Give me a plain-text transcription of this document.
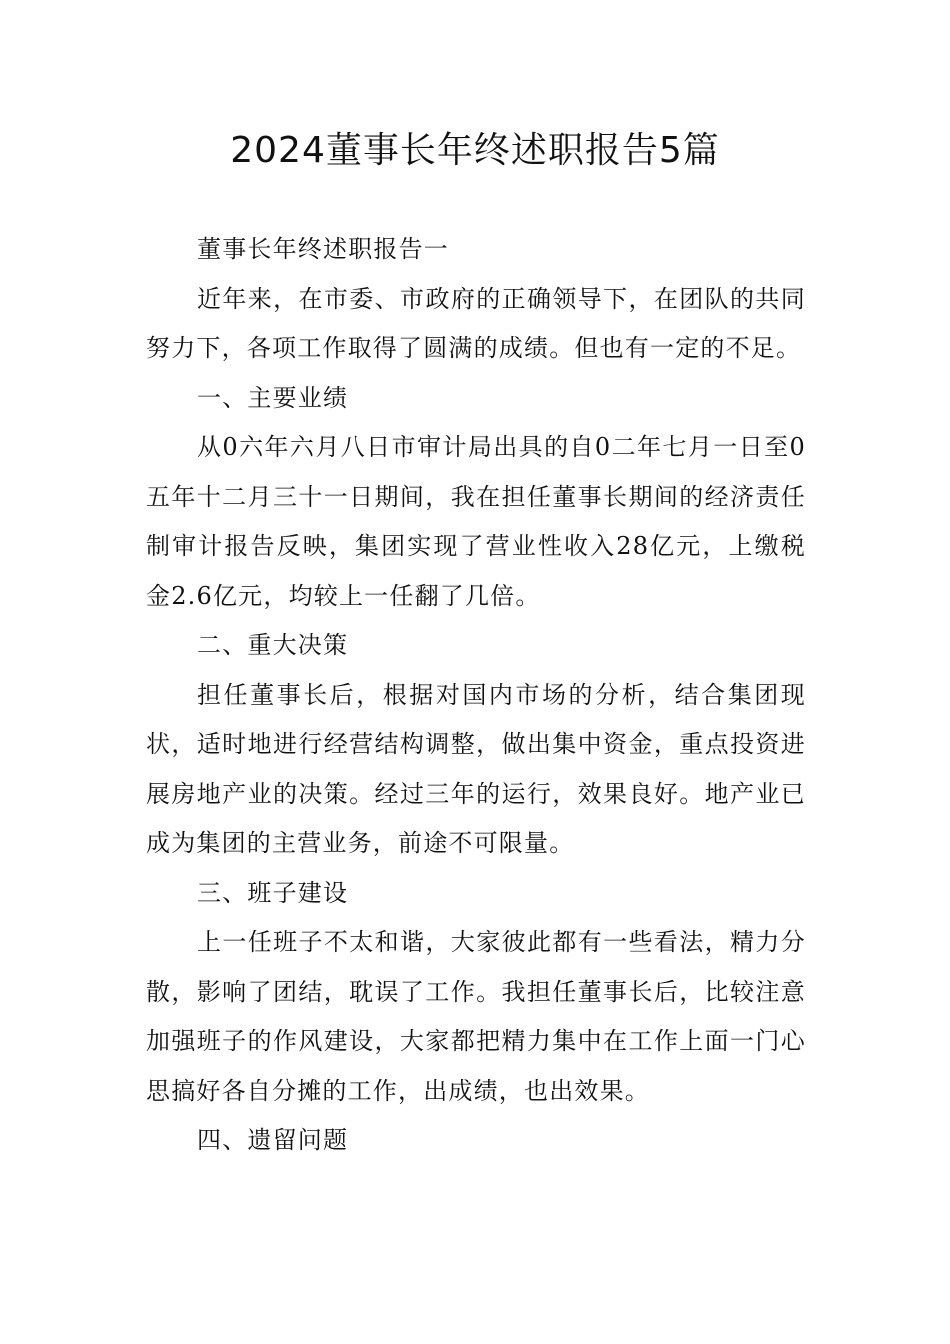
2024董事长年终述职报告5篇

董事长年终述职报告一

近年来，在市委、市政府的正确领导下，在团队的共同努力下，各项工作取得了圆满的成绩。但也有一定的不足。

一、主要业绩

从0六年六月八日市审计局出具的自0二年七月一日至0五年十二月三十一日期间，我在担任董事长期间的经济责任制审计报告反映，集团实现了营业性收入28亿元，上缴税金2.6亿元，均较上一任翻了几倍。

二、重大决策

担任董事长后，根据对国内市场的分析，结合集团现状，适时地进行经营结构调整，做出集中资金，重点投资进展房地产业的决策。经过三年的运行，效果良好。地产业已成为集团的主营业务，前途不可限量。

三、班子建设

上一任班子不太和谐，大家彼此都有一些看法，精力分散，影响了团结，耽误了工作。我担任董事长后，比较注意加强班子的作风建设，大家都把精力集中在工作上面一门心思搞好各自分摊的工作，出成绩，也出效果。

四、遗留问题
